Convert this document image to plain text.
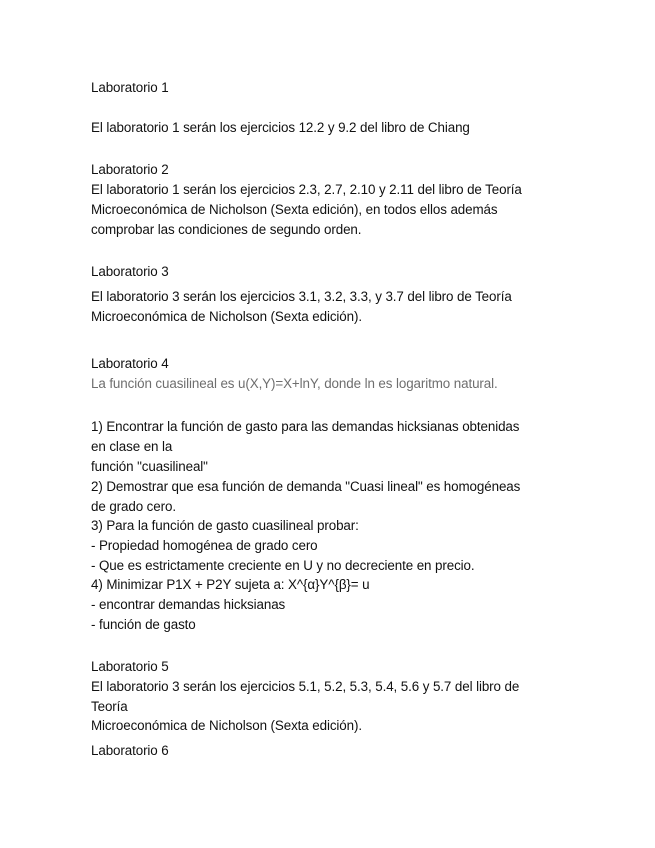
Laboratorio 1
El laboratorio 1 serán los ejercicios 12.2 y 9.2 del libro de Chiang
Laboratorio 2
El laboratorio 1 serán los ejercicios 2.3, 2.7, 2.10 y 2.11 del libro de Teoría
Microeconómica de Nicholson (Sexta edición), en todos ellos además
comprobar las condiciones de segundo orden.
Laboratorio 3
El laboratorio 3 serán los ejercicios 3.1, 3.2, 3.3, y 3.7 del libro de Teoría
Microeconómica de Nicholson (Sexta edición).
Laboratorio 4
La función cuasilineal es u(X,Y)=X+lnY, donde ln es logaritmo natural.
1) Encontrar la función de gasto para las demandas hicksianas obtenidas
en clase en la
función "cuasilineal"
2) Demostrar que esa función de demanda "Cuasi lineal" es homogéneas
de grado cero.
3) Para la función de gasto cuasilineal probar:
- Propiedad homogénea de grado cero
- Que es estrictamente creciente en U y no decreciente en precio.
4) Minimizar P1X + P2Y sujeta a: X^{α}Y^{β}= u
- encontrar demandas hicksianas
- función de gasto
Laboratorio 5
El laboratorio 3 serán los ejercicios 5.1, 5.2, 5.3, 5.4, 5.6 y 5.7 del libro de
Teoría
Microeconómica de Nicholson (Sexta edición).
Laboratorio 6
